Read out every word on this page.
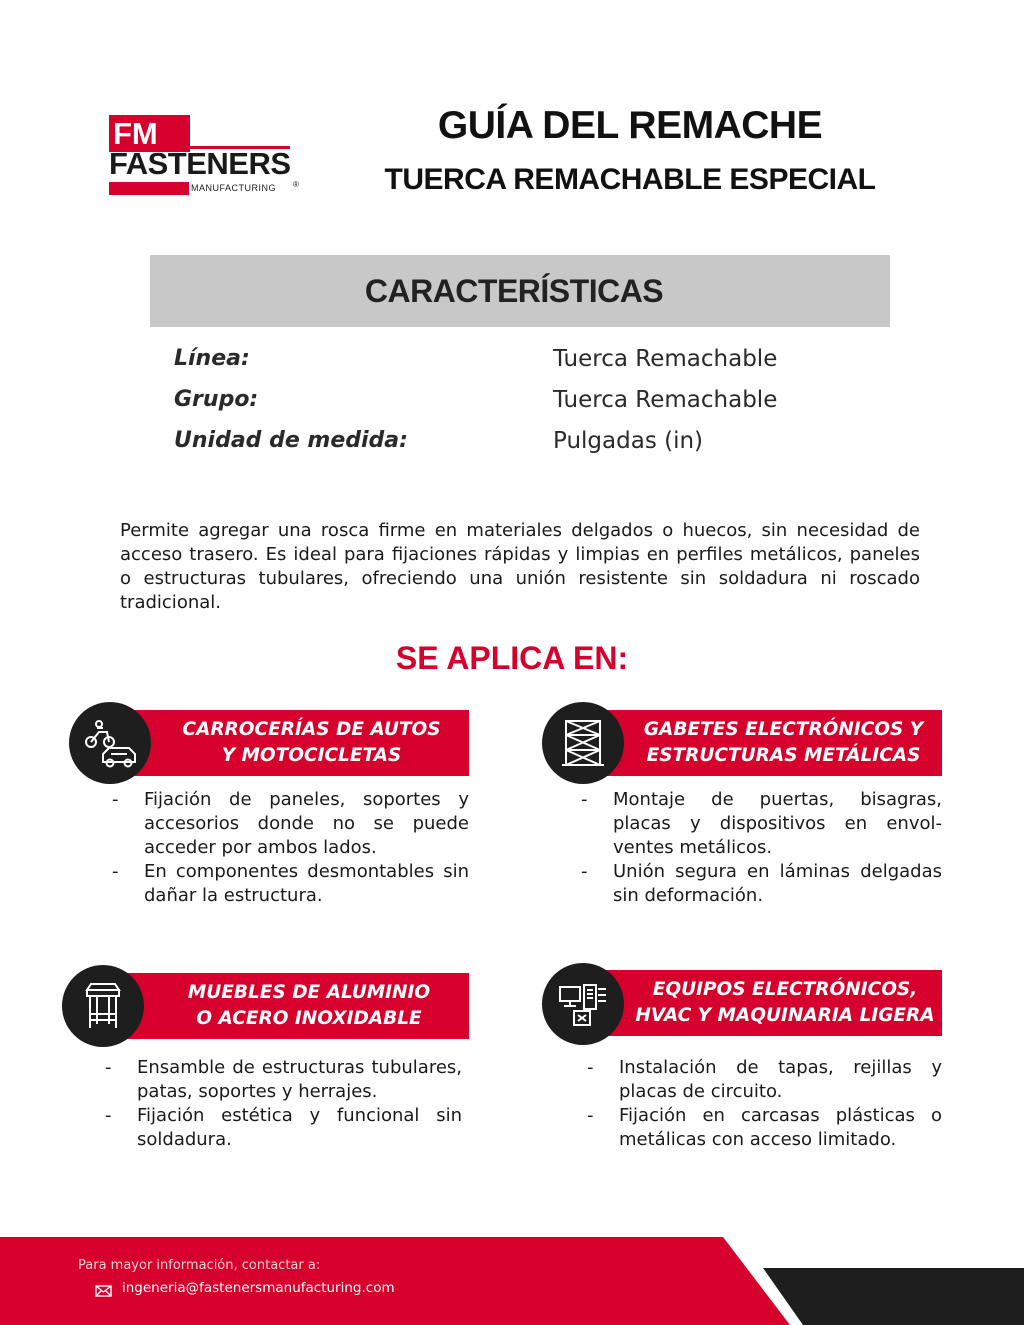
FM
FASTENERS
MANUFACTURING ®
GUÍA DEL REMACHE
TUERCA REMACHABLE ESPECIAL
CARACTERÍSTICAS
Línea:	Tuerca Remachable
Grupo:	Tuerca Remachable
Unidad de medida:	Pulgadas (in)
Permite agregar una rosca firme en materiales delgados o huecos, sin necesidad de acceso trasero. Es ideal para fijaciones rápidas y limpias en perfiles metálicos, paneles o estructuras tubulares, ofreciendo una unión resistente sin soldadura ni roscado tradicional.
SE APLICA EN:
CARROCERÍAS DE AUTOS
Y MOTOCICLETAS
- Fijación de paneles, soportes y accesorios donde no se puede acceder por ambos lados.
- En componentes desmontables sin dañar la estructura.
GABETES ELECTRÓNICOS Y
ESTRUCTURAS METÁLICAS
- Montaje de puertas, bisagras, placas y dispositivos en envolventes metálicos.
- Unión segura en láminas delgadas sin deformación.
MUEBLES DE ALUMINIO
O ACERO INOXIDABLE
- Ensamble de estructuras tubulares, patas, soportes y herrajes.
- Fijación estética y funcional sin soldadura.
EQUIPOS ELECTRÓNICOS,
HVAC Y MAQUINARIA LIGERA
- Instalación de tapas, rejillas y placas de circuito.
- Fijación en carcasas plásticas o metálicas con acceso limitado.
Para mayor información, contactar a:
ingeneria@fastenersmanufacturing.com
